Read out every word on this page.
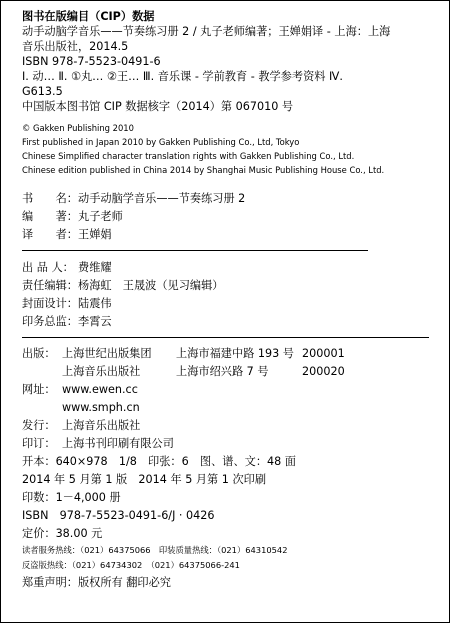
图书在版编目（CIP）数据
动手动脑学音乐——节奏练习册 2 / 丸子老师编著；王婵娟译 - 上海：上海
音乐出版社，2014.5
ISBN 978-7-5523-0491-6
Ⅰ. 动… Ⅱ. ①丸… ②王… Ⅲ. 音乐课 - 学前教育 - 教学参考资料 Ⅳ.
G613.5
中国版本图书馆 CIP 数据核字（2014）第 067010 号
© Gakken Publishing 2010
First published in Japan 2010 by Gakken Publishing Co., Ltd, Tokyo
Chinese Simplified character translation rights with Gakken Publishing Co., Ltd.
Chinese edition published in China 2014 by Shanghai Music Publishing House Co., Ltd.
书　　名：动手动脑学音乐——节奏练习册 2
编　　著：丸子老师
译　　者：王婵娟
出 品 人： 费维耀
责任编辑：杨海虹　王晟波（见习编辑）
封面设计：陆震伟
印务总监：李霄云
出版： 上海世纪出版集团 上海市福建中路 193 号 200001
上海音乐出版社	上海市绍兴路 7 号	200020
网址： www.ewen.cc
www.smph.cn
发行： 上海音乐出版社
印订： 上海书刊印刷有限公司
开本：640×978　1/8　印张：6　图、谱、文：48 面
2014 年 5 月第 1 版　2014 年 5 月第 1 次印刷
印数：1－4,000 册
ISBN　978-7-5523-0491-6/J · 0426
定价：38.00 元
读者服务热线：（021）64375066　印装质量热线：（021）64310542
反盗版热线：（021）64734302　（021）64375066-241
郑重声明：版权所有 翻印必究
